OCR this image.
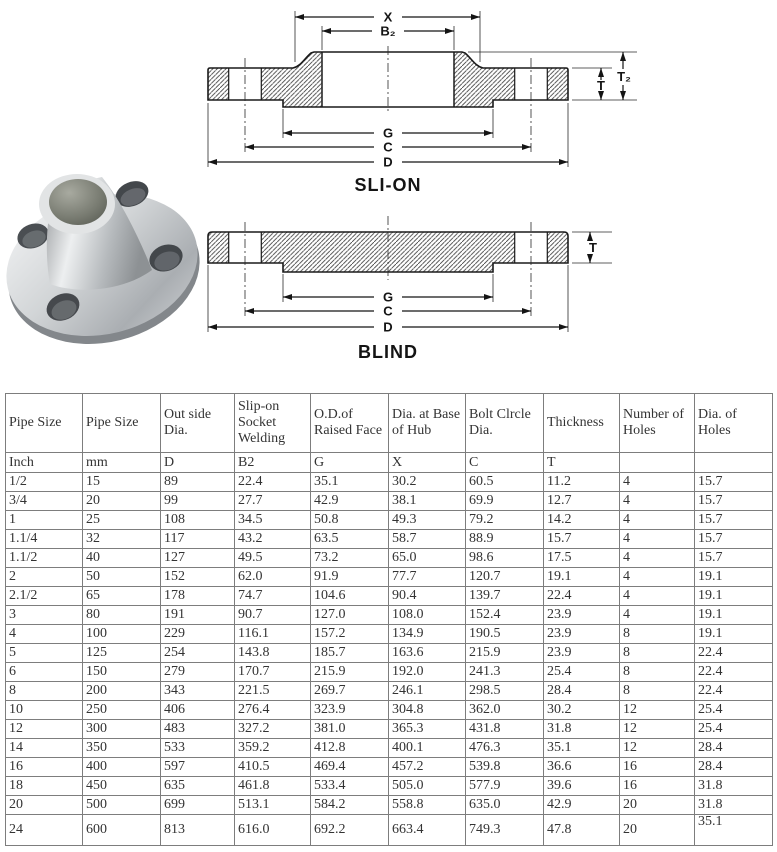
X
B₂
T
T₂
G
C
D
SLI-ON
T
G
C
D
BLIND
Pipe Size	Pipe Size	Out side Dia.	Slip-on Socket Welding	O.D.of Raised Face	Dia. at Base of Hub	Bolt Clrcle Dia.	Thickness	Number of Holes	Dia. of Holes
Inch	mm	D	B2	G	X	C	T		
1/2	15	89	22.4	35.1	30.2	60.5	11.2	4	15.7
3/4	20	99	27.7	42.9	38.1	69.9	12.7	4	15.7
1	25	108	34.5	50.8	49.3	79.2	14.2	4	15.7
1.1/4	32	117	43.2	63.5	58.7	88.9	15.7	4	15.7
1.1/2	40	127	49.5	73.2	65.0	98.6	17.5	4	15.7
2	50	152	62.0	91.9	77.7	120.7	19.1	4	19.1
2.1/2	65	178	74.7	104.6	90.4	139.7	22.4	4	19.1
3	80	191	90.7	127.0	108.0	152.4	23.9	4	19.1
4	100	229	116.1	157.2	134.9	190.5	23.9	8	19.1
5	125	254	143.8	185.7	163.6	215.9	23.9	8	22.4
6	150	279	170.7	215.9	192.0	241.3	25.4	8	22.4
8	200	343	221.5	269.7	246.1	298.5	28.4	8	22.4
10	250	406	276.4	323.9	304.8	362.0	30.2	12	25.4
12	300	483	327.2	381.0	365.3	431.8	31.8	12	25.4
14	350	533	359.2	412.8	400.1	476.3	35.1	12	28.4
16	400	597	410.5	469.4	457.2	539.8	36.6	16	28.4
18	450	635	461.8	533.4	505.0	577.9	39.6	16	31.8
20	500	699	513.1	584.2	558.8	635.0	42.9	20	31.8
24	600	813	616.0	692.2	663.4	749.3	47.8	20	35.1
